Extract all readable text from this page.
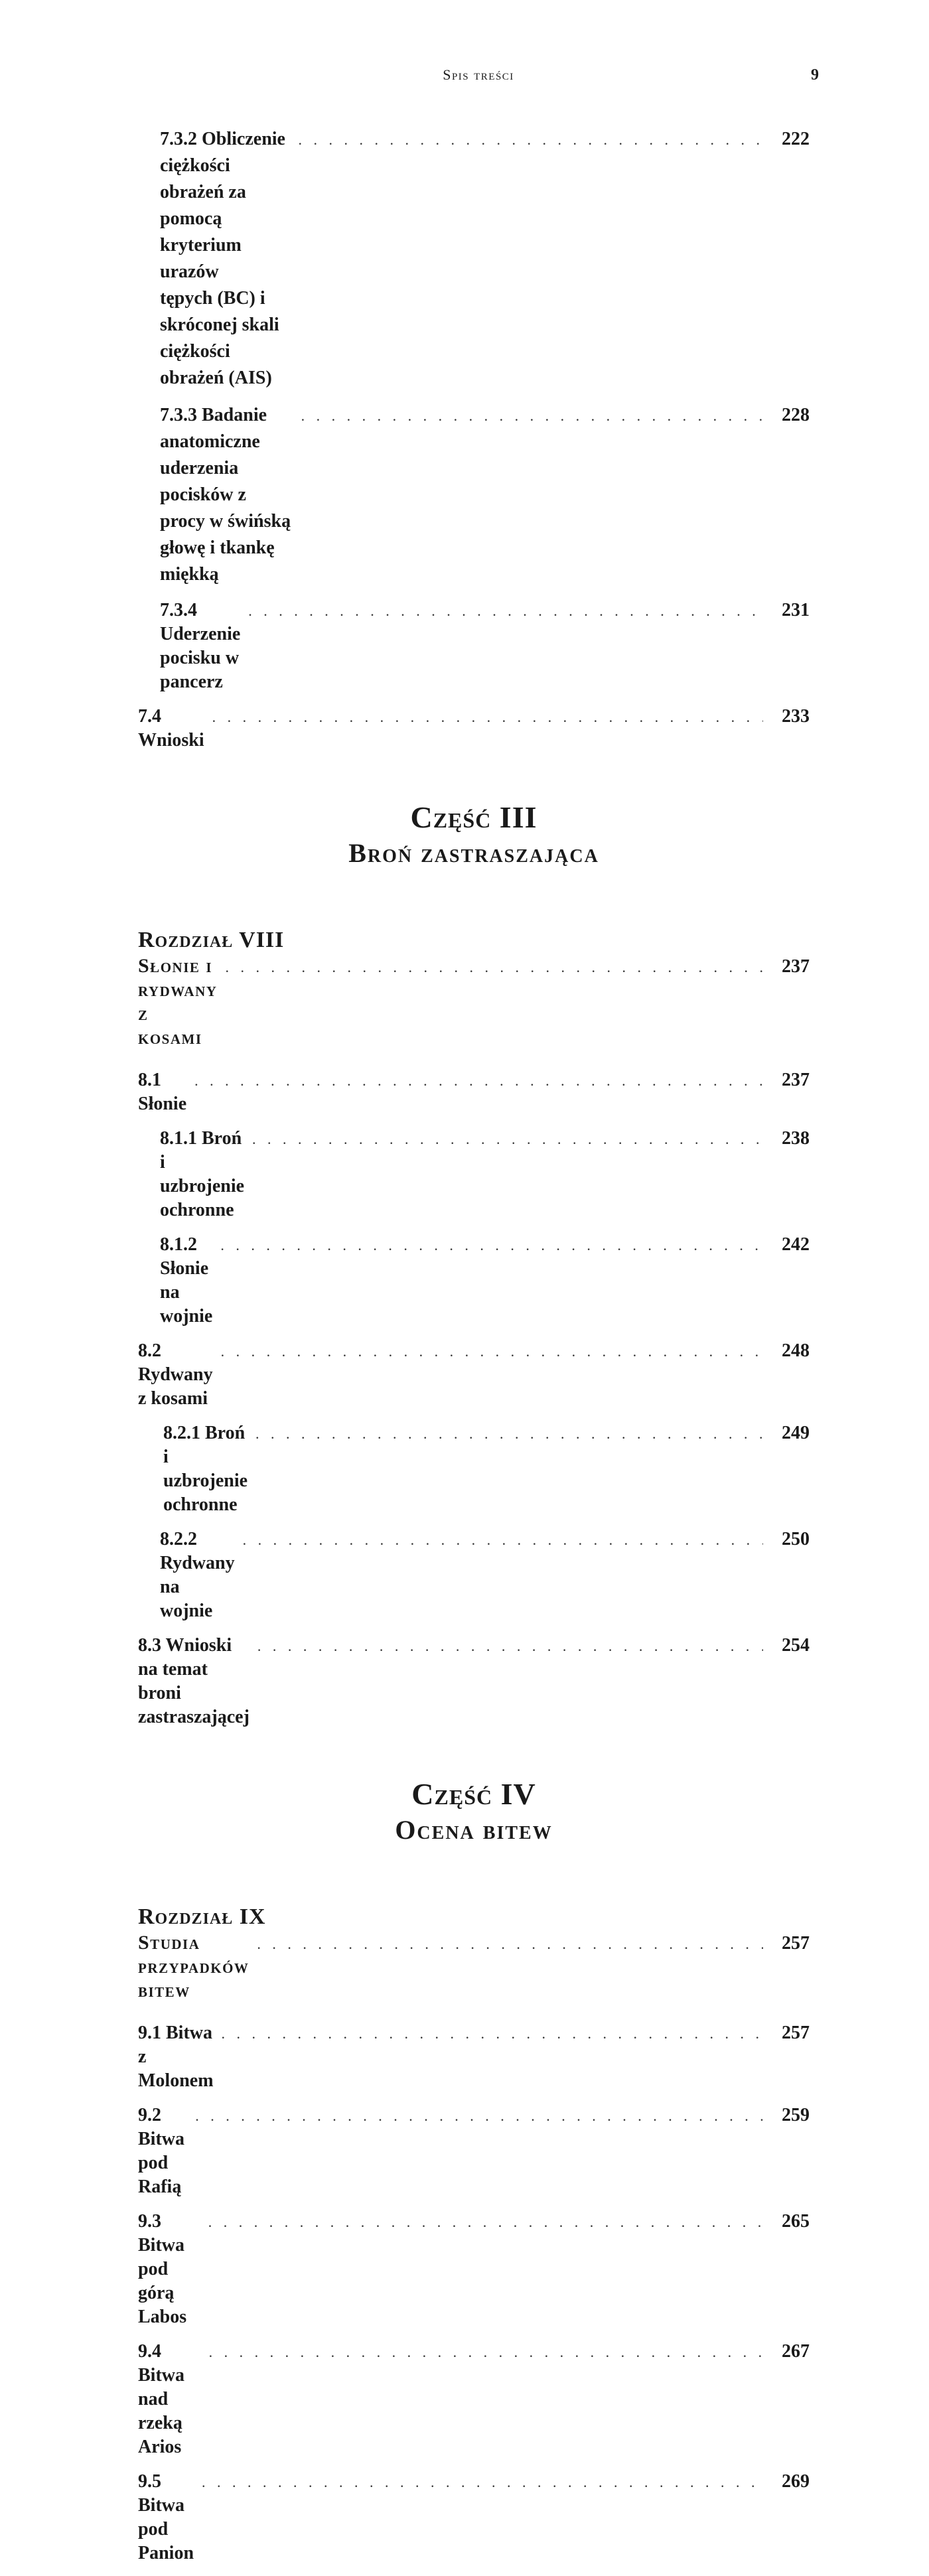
Spis treści	9
7.3.2 Obliczenie ciężkości obrażeń za pomocą kryterium urazów
tępych (BC) i skróconej skali ciężkości obrażeń (AIS)
. . .
222
7.3.3 Badanie anatomiczne uderzenia pocisków z procy w świńską
głowę i tkankę miękką
. . .
228
7.3.4 Uderzenie pocisku w pancerz
. . .
231
7.4 Wnioski
. . .
233
Część III
Broń zastraszająca
Rozdział VIII
Słonie i rydwany z kosami
. . .
237
8.1 Słonie
. . .
237
8.1.1 Broń i uzbrojenie ochronne
. . .
238
8.1.2 Słonie na wojnie
. . .
242
8.2 Rydwany z kosami
. . .
248
8.2.1 Broń i uzbrojenie ochronne
. . .
249
8.2.2 Rydwany na wojnie
. . .
250
8.3 Wnioski na temat broni zastraszającej
. . .
254
Część IV
Ocena bitew
Rozdział IX
Studia przypadków bitew
. . .
257
9.1 Bitwa z Molonem
. . .
257
9.2 Bitwa pod Rafią
. . .
259
9.3 Bitwa pod górą Labos
. . .
265
9.4 Bitwa nad rzeką Arios
. . .
267
9.5 Bitwa pod Panion
. . .
269
